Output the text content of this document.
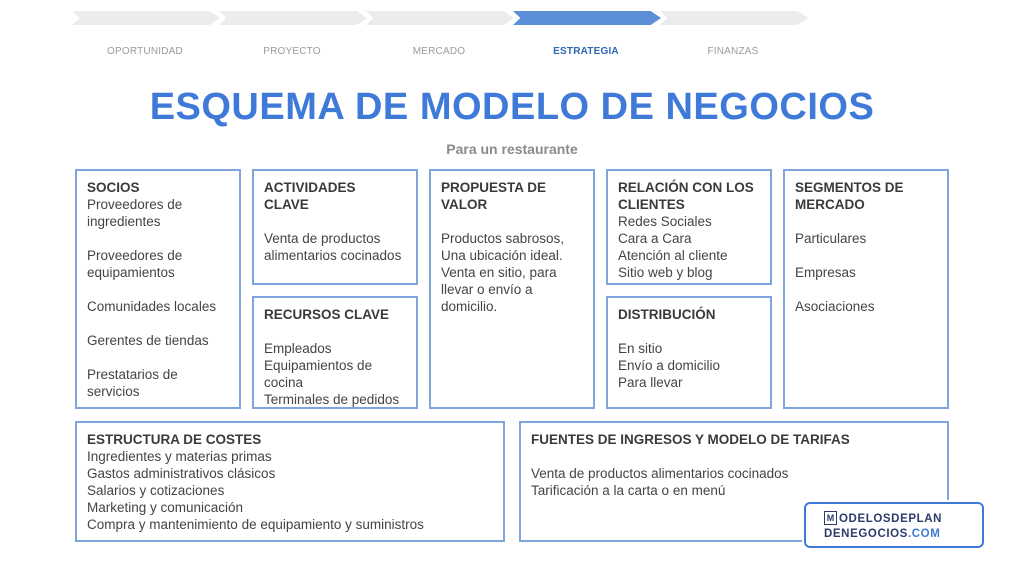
OPORTUNIDAD	PROYECTO	MERCADO	ESTRATEGIA	FINANZAS
ESQUEMA DE MODELO DE NEGOCIOS
Para un restaurante
SOCIOS
Proveedores de
ingredientes
Proveedores de
equipamientos
Comunidades locales
Gerentes de tiendas
Prestatarios de
servicios
ACTIVIDADES
CLAVE
Venta de productos
alimentarios cocinados
RECURSOS CLAVE
Empleados
Equipamientos de
cocina
Terminales de pedidos
PROPUESTA DE
VALOR
Productos sabrosos,
Una ubicación ideal.
Venta en sitio, para
llevar o envío a
domicilio.
RELACIÓN CON LOS
CLIENTES
Redes Sociales
Cara a Cara
Atención al cliente
Sitio web y blog
DISTRIBUCIÓN
En sitio
Envío a domicilio
Para llevar
SEGMENTOS DE
MERCADO
Particulares
Empresas
Asociaciones
ESTRUCTURA DE COSTES
Ingredientes y materias primas
Gastos administrativos clásicos
Salarios y cotizaciones
Marketing y comunicación
Compra y mantenimiento de equipamiento y suministros
FUENTES DE INGRESOS Y MODELO DE TARIFAS
Venta de productos alimentarios cocinados
Tarificación a la carta o en menú
M ODELOSDEPLAN
DENEGOCIOS.COM
